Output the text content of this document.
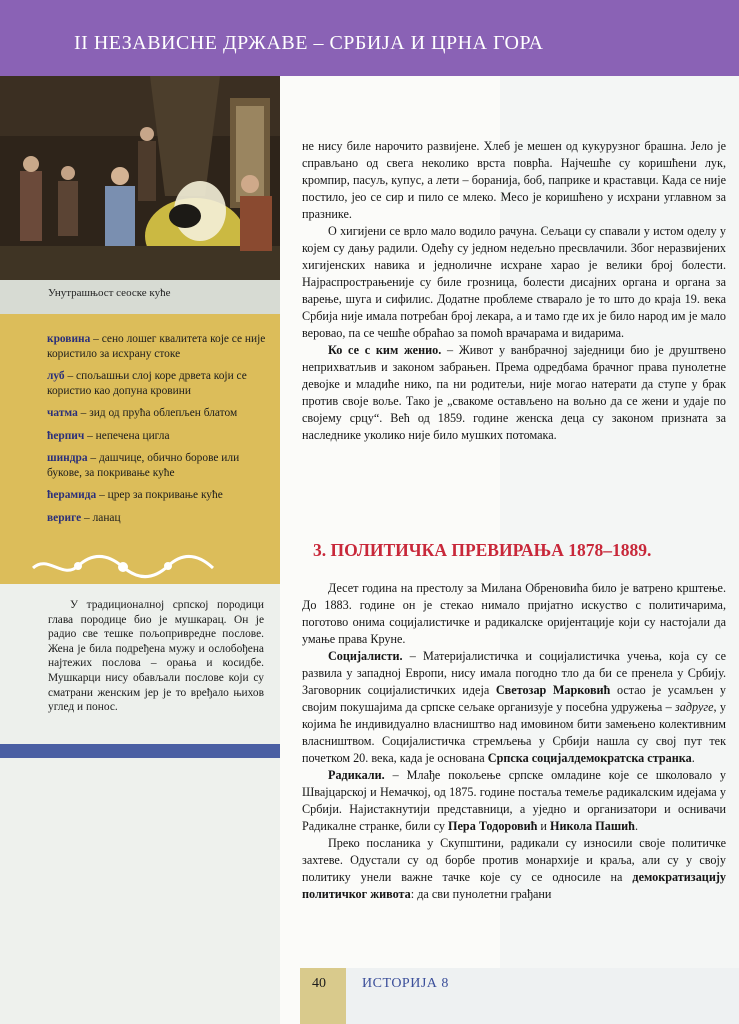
II НЕЗАВИСНЕ ДРЖАВЕ – СРБИЈА И ЦРНА ГОРА
Унутрашњост сеоске куће
кровина – сено лошег квалитета које се није користило за исхрану стоке
луб – спољашњи слој коре дрвета који се користио као допуна кровини
чатма – зид од прућа облепљен блатом
ћерпич – непечена цигла
шиндра – дашчице, обично борове или букове, за покривање куће
ћерамида – црep за покривање куће
вериге – ланац
У традиционалној српској породици глава породице био је мушкарац. Он је радио све тешке пољопривредне послове. Жена је била подређена мужу и ослобођена најтежих послова – орања и косидбе. Мушкарци нису обављали послове који су сматрани женским јер је то вређало њихов углед и понос.

не нису биле нарочито развијене. Хлеб је мешен од кукурузног брашна. Јело је справљано од свега неколико врста поврћа. Најчешће су коришћени лук, кромпир, пасуљ, купус, а лети – боранија, боб, паприке и краставци. Када се није постило, јео се сир и пило се млеко. Месо је коришћено у исхрани углавном за празнике.

О хигијени се врло мало водило рачуна. Сељаци су спавали у истом оделу у којем су дању радили. Одећу су једном недељно пресвлачили. Због неразвијених хигијенских навика и једноличне исхране харао је велики број болести. Најраспрострањеније су биле грозница, болести дисајних органа и органа за варење, шуга и сифилис. Додатне проблеме стварало је то што до краја 19. века Србија није имала потребан број лекара, а и тамо где их је било народ им је мало веровао, па се чешће обраћао за помоћ врачарама и видарима.

Ко се с ким женио. – Живот у ванбрачној заједници био је друштвено неприхватљив и законом забрањен. Према одредбама брачног права пунолетне девојке и младиће нико, па ни родитељи, није могао натерати да ступе у брак против своје воље. Тако је „свакоме остављено на вољно да се жени и удаје по својему срцу“. Већ од 1859. године женска деца су законом призната за наследнике уколико није било мушких потомака.

3. ПОЛИТИЧКА ПРЕВИРАЊА 1878–1889.

Десет година на престолу за Милана Обреновића било је ватрено крштење. До 1883. године он је стекао нимало пријатно искуство с политичарима, поготово онима социјалистичке и радикалске оријентације који су настојали да умање права Круне.

Социјалисти. – Материјалистичка и социјалистичка учења, која су се развила у западној Европи, нису имала погодно тло да би се пренела у Србију. Заговорник социјалистичких идеја Светозар Марковић остао је усамљен у својим покушајима да српске сељаке организује у посебна удружења – задруге, у којима ће индивидуално власништво над имовином бити замењено колективним власништвом. Социјалистичка стремљења у Србији нашла су свој пут тек почетком 20. века, када је основана Српска социјалдемократска странка.

Радикали. – Млађе покољење српске омладине које се школовало у Швајцарској и Немачкој, од 1875. године постаља темеље радикалским идејама у Србији. Најистакнутији представници, а уједно и организатори и оснивачи Радикалне странке, били су Пера Тодоровић и Никола Пашић.

Преко посланика у Скупштини, радикали су износили своје политичке захтеве. Одустали су од борбе против монархије и краља, али су у своју политику унели важне тачке које су се односиле на демократизацију политичког живота: да сви пунолетни грађани

40	ИСТОРИЈА 8
